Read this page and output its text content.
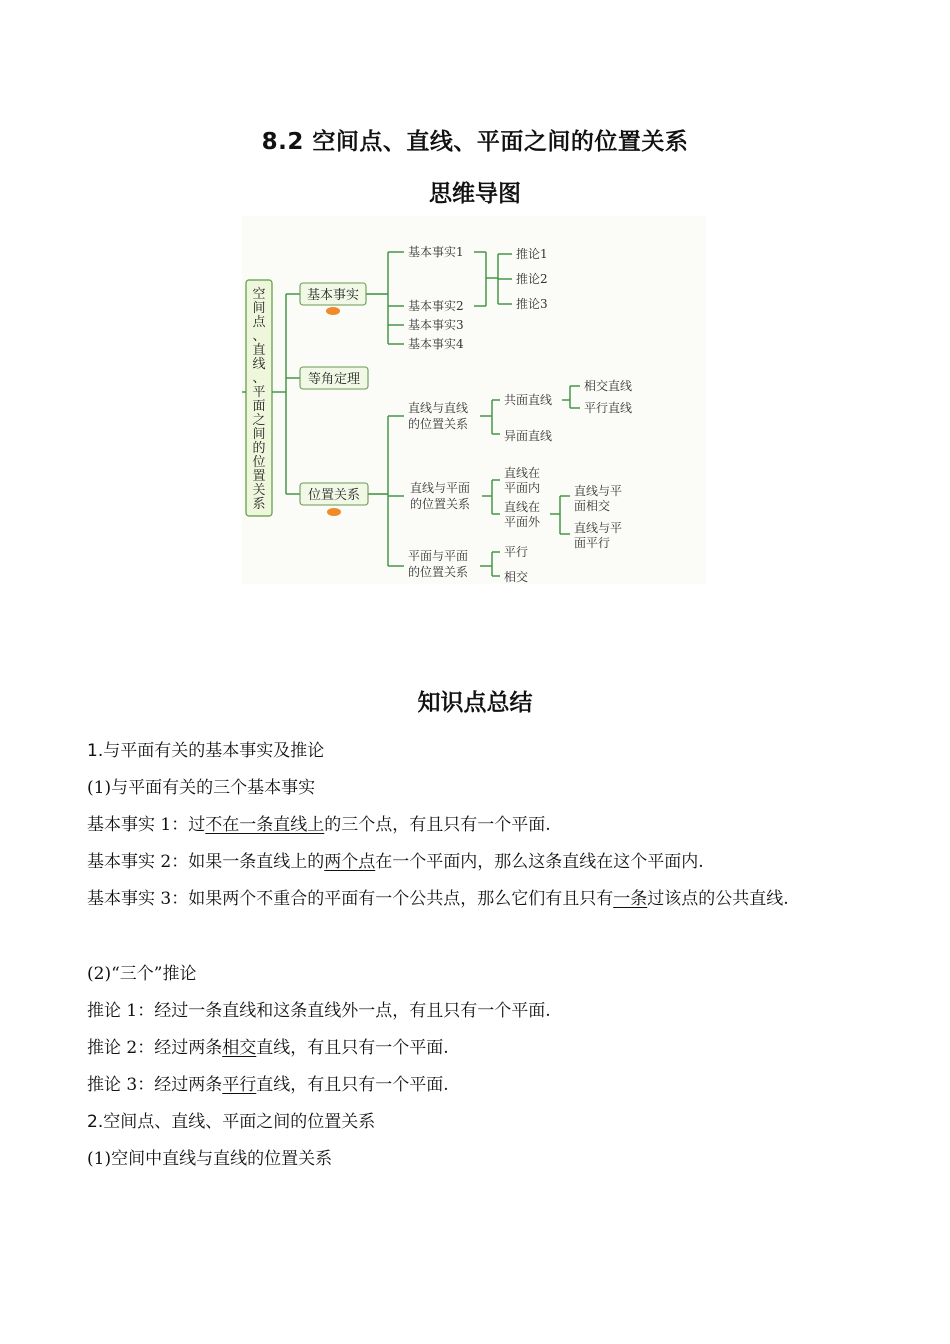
8.2 空间点、直线、平面之间的位置关系
思维导图
空
间
点
、
直
线
、
平
面
之
间
的
位
置
关
系
基本事实
等角定理
位置关系
基本事实1
基本事实2
基本事实3
基本事实4
推论1
推论2
推论3
直线与直线
的位置关系
共面直线
相交直线
平行直线
异面直线
直线与平面
的位置关系
直线在
平面内
直线在
平面外
直线与平
面相交
直线与平
面平行
平面与平面
的位置关系
平行
相交
知识点总结
1.与平面有关的基本事实及推论
(1)与平面有关的三个基本事实
基本事实 1：过不在一条直线上的三个点，有且只有一个平面.
基本事实 2：如果一条直线上的两个点在一个平面内，那么这条直线在这个平面内.
基本事实 3：如果两个不重合的平面有一个公共点，那么它们有且只有一条过该点的公共直线.
(2)“三个”推论
推论 1：经过一条直线和这条直线外一点，有且只有一个平面.
推论 2：经过两条相交直线，有且只有一个平面.
推论 3：经过两条平行直线，有且只有一个平面.
2.空间点、直线、平面之间的位置关系
(1)空间中直线与直线的位置关系
